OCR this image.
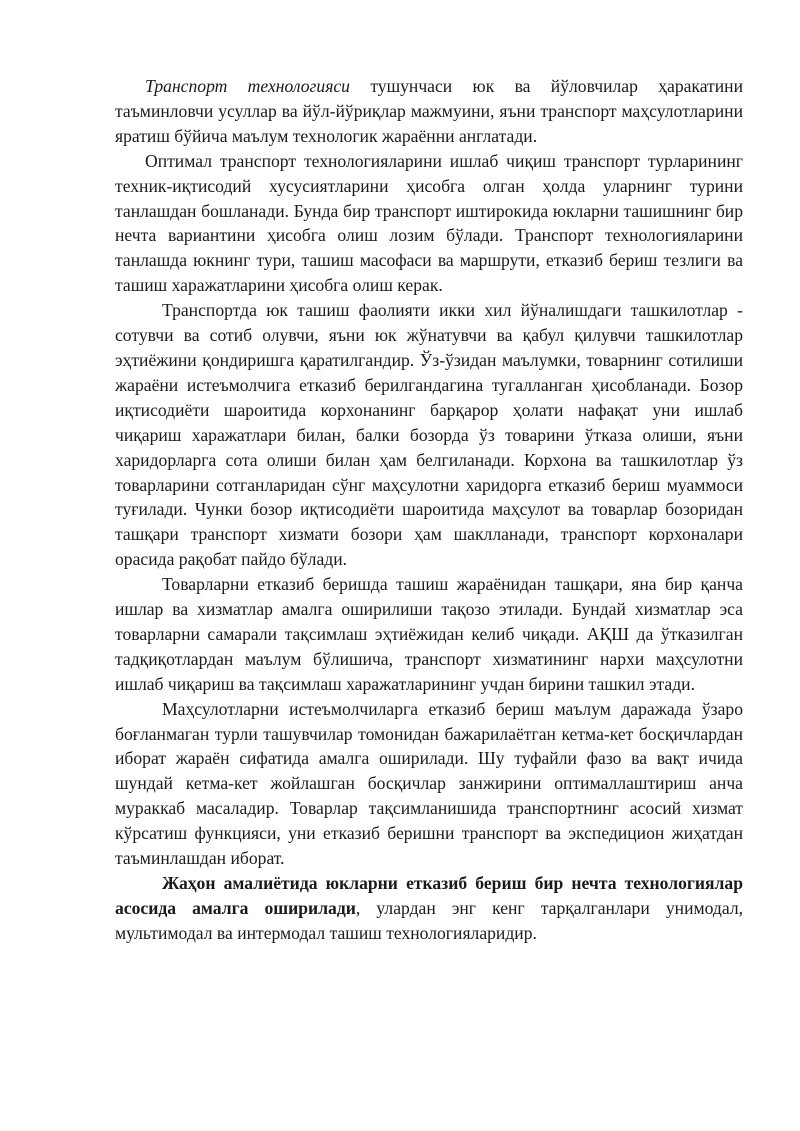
Транспорт технологияси тушунчаси юк ва йўловчилар ҳаракатини таъминловчи усуллар ва йўл-йўриқлар мажмуини, яъни транспорт маҳсулотларини яратиш бўйича маълум технологик жараённи англатади.

Оптимал транспорт технологияларини ишлаб чиқиш транспорт турларининг техник-иқтисодий хусусиятларини ҳисобга олган ҳолда уларнинг турини танлашдан бошланади. Бунда бир транспорт иштирокида юкларни ташишнинг бир нечта вариантини ҳисобга олиш лозим бўлади. Транспорт технологияларини танлашда юкнинг тури, ташиш масофаси ва маршрути, етказиб бериш тезлиги ва ташиш харажатларини ҳисобга олиш керак.

Транспортда юк ташиш фаолияти икки хил йўналишдаги ташкилотлар - сотувчи ва сотиб олувчи, яъни юк жўнатувчи ва қабул қилувчи ташкилотлар эҳтиёжини қондиришга қаратилгандир. Ўз-ўзидан маълумки, товарнинг сотилиши жараёни истеъмолчига етказиб берилгандагина тугалланган ҳисобланади. Бозор иқтисодиёти шароитида корхонанинг барқарор ҳолати нафақат уни ишлаб чиқариш харажатлари билан, балки бозорда ўз товарини ўтказа олиши, яъни харидорларга сота олиши билан ҳам белгиланади. Корхона ва ташкилотлар ўз товарларини сотганларидан сўнг маҳсулотни харидорга етказиб бериш муаммоси туғилади. Чунки бозор иқтисодиёти шароитида маҳсулот ва товарлар бозоридан ташқари транспорт хизмати бозори ҳам шаклланади, транспорт корхоналари орасида рақобат пайдо бўлади.

Товарларни етказиб беришда ташиш жараёнидан ташқари, яна бир қанча ишлар ва хизматлар амалга оширилиши тақозо этилади. Бундай хизматлар эса товарларни самарали тақсимлаш эҳтиёжидан келиб чиқади. АҚШ да ўтказилган тадқиқотлардан маълум бўлишича, транспорт хизматининг нархи маҳсулотни ишлаб чиқариш ва тақсимлаш харажатларининг учдан бирини ташкил этади.

Маҳсулотларни истеъмолчиларга етказиб бериш маълум даражада ўзаро боғланмаган турли ташувчилар томонидан бажарилаётган кетма-кет босқичлардан иборат жараён сифатида амалга оширилади. Шу туфайли фазо ва вақт ичида шундай кетма-кет жойлашган босқичлар занжирини оптималлаштириш анча мураккаб масаладир. Товарлар тақсимланишида транспортнинг асосий хизмат кўрсатиш функцияси, уни етказиб беришни транспорт ва экспедицион жиҳатдан таъминлашдан иборат.

Жаҳон амалиётида юкларни етказиб бериш бир нечта технологиялар асосида амалга оширилади, улардан энг кенг тарқалганлари унимодал, мультимодал ва интермодал ташиш технологияларидир.
